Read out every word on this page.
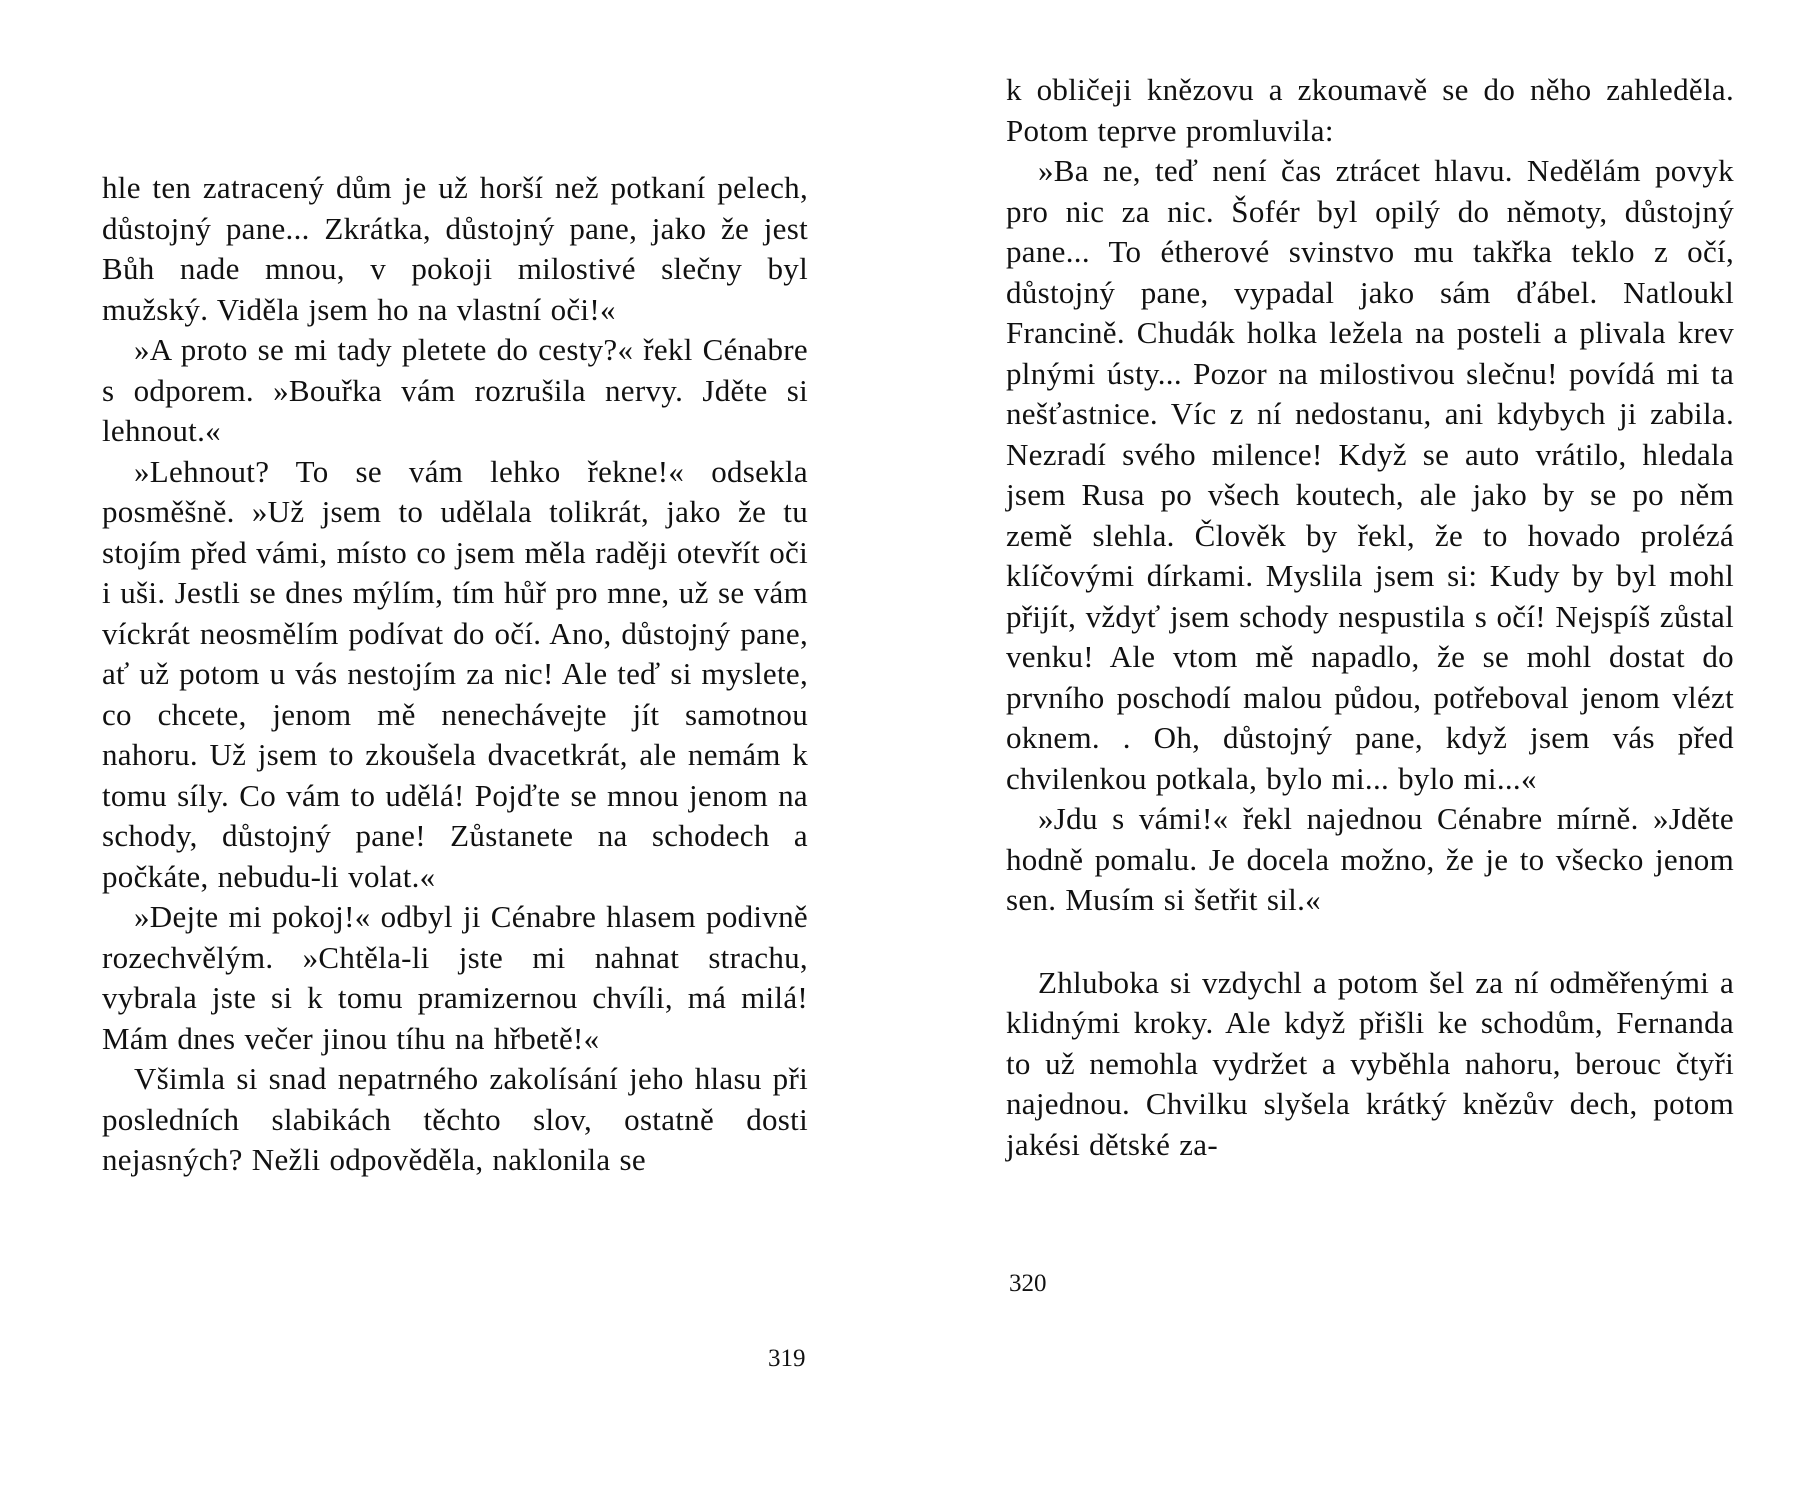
hle ten zatracený dům je už horší než potkaní pelech, důstojný pane... Zkrátka, důstojný pane, jako že jest Bůh nade mnou, v pokoji milostivé slečny byl mužský. Viděla jsem ho na vlastní oči!«

»A proto se mi tady pletete do cesty?« řekl Cénabre s odporem. »Bouřka vám rozrušila nervy. Jděte si lehnout.«

»Lehnout? To se vám lehko řekne!« odsekla posměšně. »Už jsem to udělala tolikrát, jako že tu stojím před vámi, místo co jsem měla raději otevřít oči i uši. Jestli se dnes mýlím, tím hůř pro mne, už se vám víckrát neosmělím podívat do očí. Ano, důstojný pane, ať už potom u vás nestojím za nic! Ale teď si myslete, co chcete, jenom mě nenechávejte jít samotnou nahoru. Už jsem to zkoušela dvacetkrát, ale nemám k tomu síly. Co vám to udělá! Pojďte se mnou jenom na schody, důstojný pane! Zůstanete na schodech a počkáte, nebudu-li volat.«

»Dejte mi pokoj!« odbyl ji Cénabre hlasem podivně rozechvělým. »Chtěla-li jste mi nahnat strachu, vybrala jste si k tomu pramizernou chvíli, má milá! Mám dnes večer jinou tíhu na hřbetě!«

Všimla si snad nepatrného zakolísání jeho hlasu při posledních slabikách těchto slov, ostatně dosti nejasných? Nežli odpověděla, naklonila se

319

k obličeji knězovu a zkoumavě se do něho zahleděla. Potom teprve promluvila:

»Ba ne, teď není čas ztrácet hlavu. Nedělám povyk pro nic za nic. Šofér byl opilý do němoty, důstojný pane... To étherové svinstvo mu takřka teklo z očí, důstojný pane, vypadal jako sám ďábel. Natloukl Francině. Chudák holka ležela na posteli a plivala krev plnými ústy... Pozor na milostivou slečnu! povídá mi ta nešťastnice. Víc z ní nedostanu, ani kdybych ji zabila. Nezradí svého milence! Když se auto vrátilo, hledala jsem Rusa po všech koutech, ale jako by se po něm země slehla. Člověk by řekl, že to hovado prolézá klíčovými dírkami. Myslila jsem si: Kudy by byl mohl přijít, vždyť jsem schody nespustila s očí! Nejspíš zůstal venku! Ale vtom mě napadlo, že se mohl dostat do prvního poschodí malou půdou, potřeboval jenom vlézt oknem. . Oh, důstojný pane, když jsem vás před chvilenkou potkala, bylo mi... bylo mi...«

»Jdu s vámi!« řekl najednou Cénabre mírně. »Jděte hodně pomalu. Je docela možno, že je to všecko jenom sen. Musím si šetřit sil.«

Zhluboka si vzdychl a potom šel za ní odměřenými a klidnými kroky. Ale když přišli ke schodům, Fernanda to už nemohla vydržet a vyběhla nahoru, berouc čtyři najednou. Chvilku slyšela krátký knězův dech, potom jakési dětské za-

320
